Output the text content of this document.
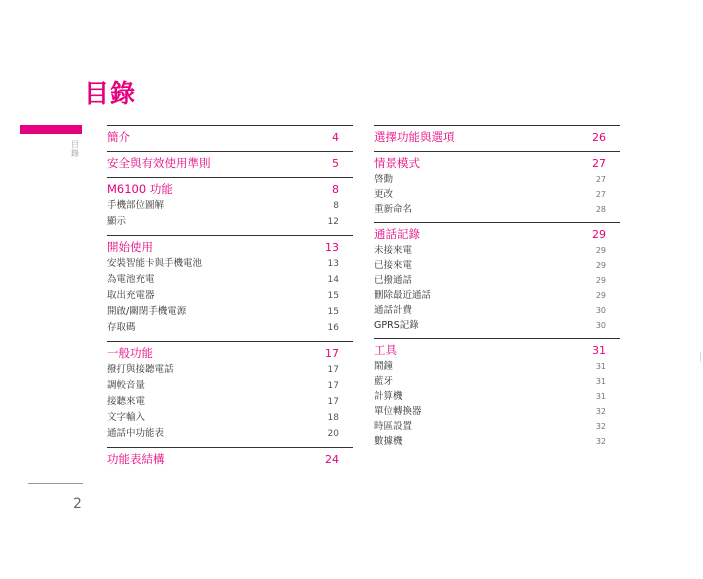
目錄
目錄
簡介	4
安全與有效使用準則	5
M6100 功能	8
手機部位圖解	8
顯示	12
開始使用	13
安裝智能卡與手機電池	13
為電池充電	14
取出充電器	15
開啟/關閉手機電源	15
存取碼	16
一般功能	17
撥打與接聽電話	17
調較音量	17
接聽來電	17
文字輸入	18
通話中功能表	20
功能表結構	24
選擇功能與選項	26
情景模式	27
啓動	27
更改	27
重新命名	28
通話記錄	29
未接來電	29
已接來電	29
已撥通話	29
刪除最近通話	29
通話計費	30
GPRS記錄	30
工具	31
鬧鐘	31
藍牙	31
計算機	31
單位轉換器	32
時區設置	32
數據機	32
2
